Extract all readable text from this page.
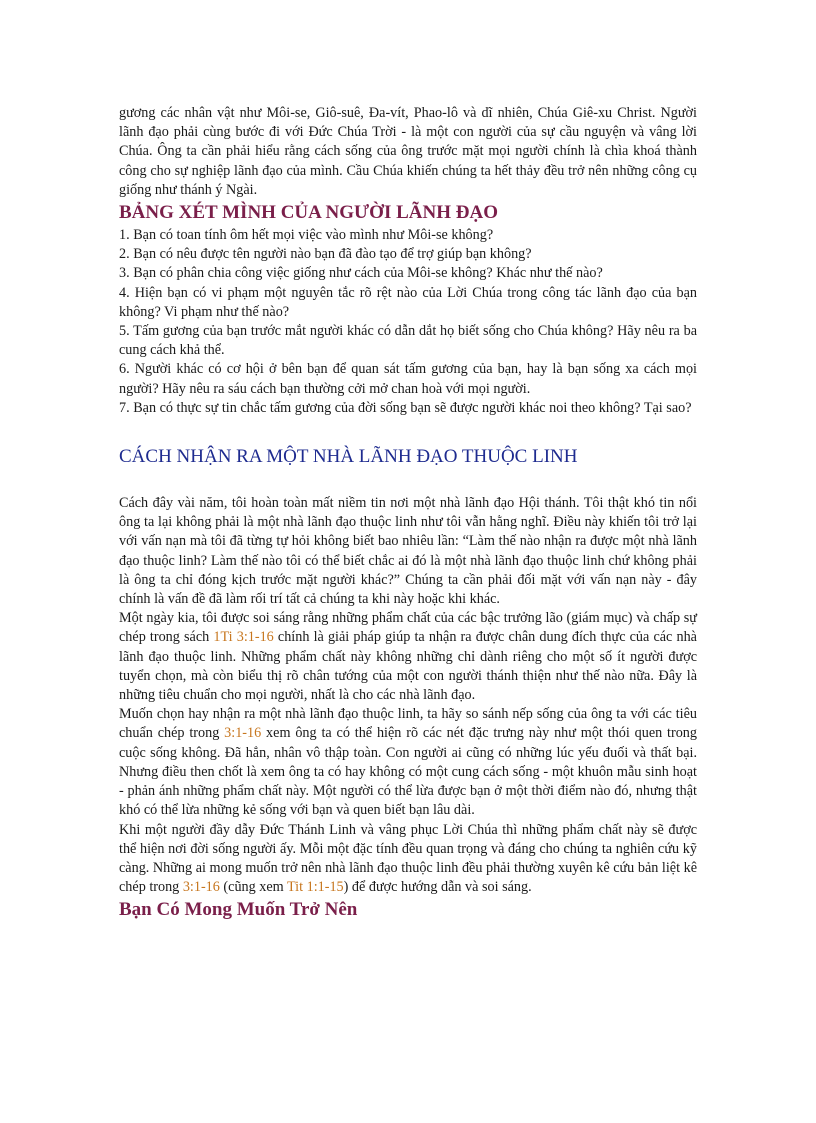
gương các nhân vật như Môi-se, Giô-suê, Đa-vít, Phao-lô và dĩ nhiên, Chúa Giê-xu Christ. Người lãnh đạo phải cùng bước đi với Đức Chúa Trời - là một con người của sự cầu nguyện và vâng lời Chúa. Ông ta cần phải hiểu rằng cách sống của ông trước mặt mọi người chính là chìa khoá thành công cho sự nghiệp lãnh đạo của mình. Cầu Chúa khiến chúng ta hết thảy đều trở nên những công cụ giống như thánh ý Ngài.

BẢNG XÉT MÌNH CỦA NGƯỜI LÃNH ĐẠO

1. Bạn có toan tính ôm hết mọi việc vào mình như Môi-se không?

2. Bạn có nêu được tên người nào bạn đã đào tạo để trợ giúp bạn không?

3. Bạn có phân chia công việc giống như cách của Môi-se không? Khác như thế nào?

4. Hiện bạn có vi phạm một nguyên tắc rõ rệt nào của Lời Chúa trong công tác lãnh đạo của bạn không? Vi phạm như thế nào?

5. Tấm gương của bạn trước mắt người khác có dẫn dắt họ biết sống cho Chúa không? Hãy nêu ra ba cung cách khả thể.

6. Người khác có cơ hội ở bên bạn để quan sát tấm gương của bạn, hay là bạn sống xa cách mọi người? Hãy nêu ra sáu cách bạn thường cởi mở chan hoà với mọi người.

7. Bạn có thực sự tin chắc tấm gương của đời sống bạn sẽ được người khác noi theo không? Tại sao?

CÁCH NHẬN RA MỘT NHÀ LÃNH ĐẠO THUỘC LINH

Cách đây vài năm, tôi hoàn toàn mất niềm tin nơi một nhà lãnh đạo Hội thánh. Tôi thật khó tin nổi ông ta lại không phải là một nhà lãnh đạo thuộc linh như tôi vẫn hằng nghĩ. Điều này khiến tôi trở lại với vấn nạn mà tôi đã từng tự hỏi không biết bao nhiêu lần: “Làm thế nào nhận ra được một nhà lãnh đạo thuộc linh? Làm thế nào tôi có thể biết chắc ai đó là một nhà lãnh đạo thuộc linh chứ không phải là ông ta chỉ đóng kịch trước mặt người khác?” Chúng ta cần phải đối mặt với vấn nạn này - đây chính là vấn đề đã làm rối trí tất cả chúng ta khi này hoặc khi khác.

Một ngày kia, tôi được soi sáng rằng những phẩm chất của các bậc trưởng lão (giám mục) và chấp sự chép trong sách 1Ti 3:1-16 chính là giải pháp giúp ta nhận ra được chân dung đích thực của các nhà lãnh đạo thuộc linh. Những phẩm chất này không những chỉ dành riêng cho một số ít người được tuyển chọn, mà còn biểu thị rõ chân tướng của một con người thánh thiện như thế nào nữa. Đây là những tiêu chuẩn cho mọi người, nhất là cho các nhà lãnh đạo.

Muốn chọn hay nhận ra một nhà lãnh đạo thuộc linh, ta hãy so sánh nếp sống của ông ta với các tiêu chuẩn chép trong 3:1-16 xem ông ta có thể hiện rõ các nét đặc trưng này như một thói quen trong cuộc sống không. Đã hẳn, nhân vô thập toàn. Con người ai cũng có những lúc yếu đuối và thất bại. Nhưng điều then chốt là xem ông ta có hay không có một cung cách sống - một khuôn mẫu sinh hoạt - phản ánh những phẩm chất này. Một người có thể lừa được bạn ở một thời điểm nào đó, nhưng thật khó có thể lừa những kẻ sống với bạn và quen biết bạn lâu dài.

Khi một người đầy dẫy Đức Thánh Linh và vâng phục Lời Chúa thì những phẩm chất này sẽ được thể hiện nơi đời sống người ấy. Mỗi một đặc tính đều quan trọng và đáng cho chúng ta nghiên cứu kỹ càng. Những ai mong muốn trở nên nhà lãnh đạo thuộc linh đều phải thường xuyên kê cứu bản liệt kê chép trong 3:1-16 (cũng xem Tit 1:1-15) để được hướng dẫn và soi sáng.

Bạn Có Mong Muốn Trở Nên
